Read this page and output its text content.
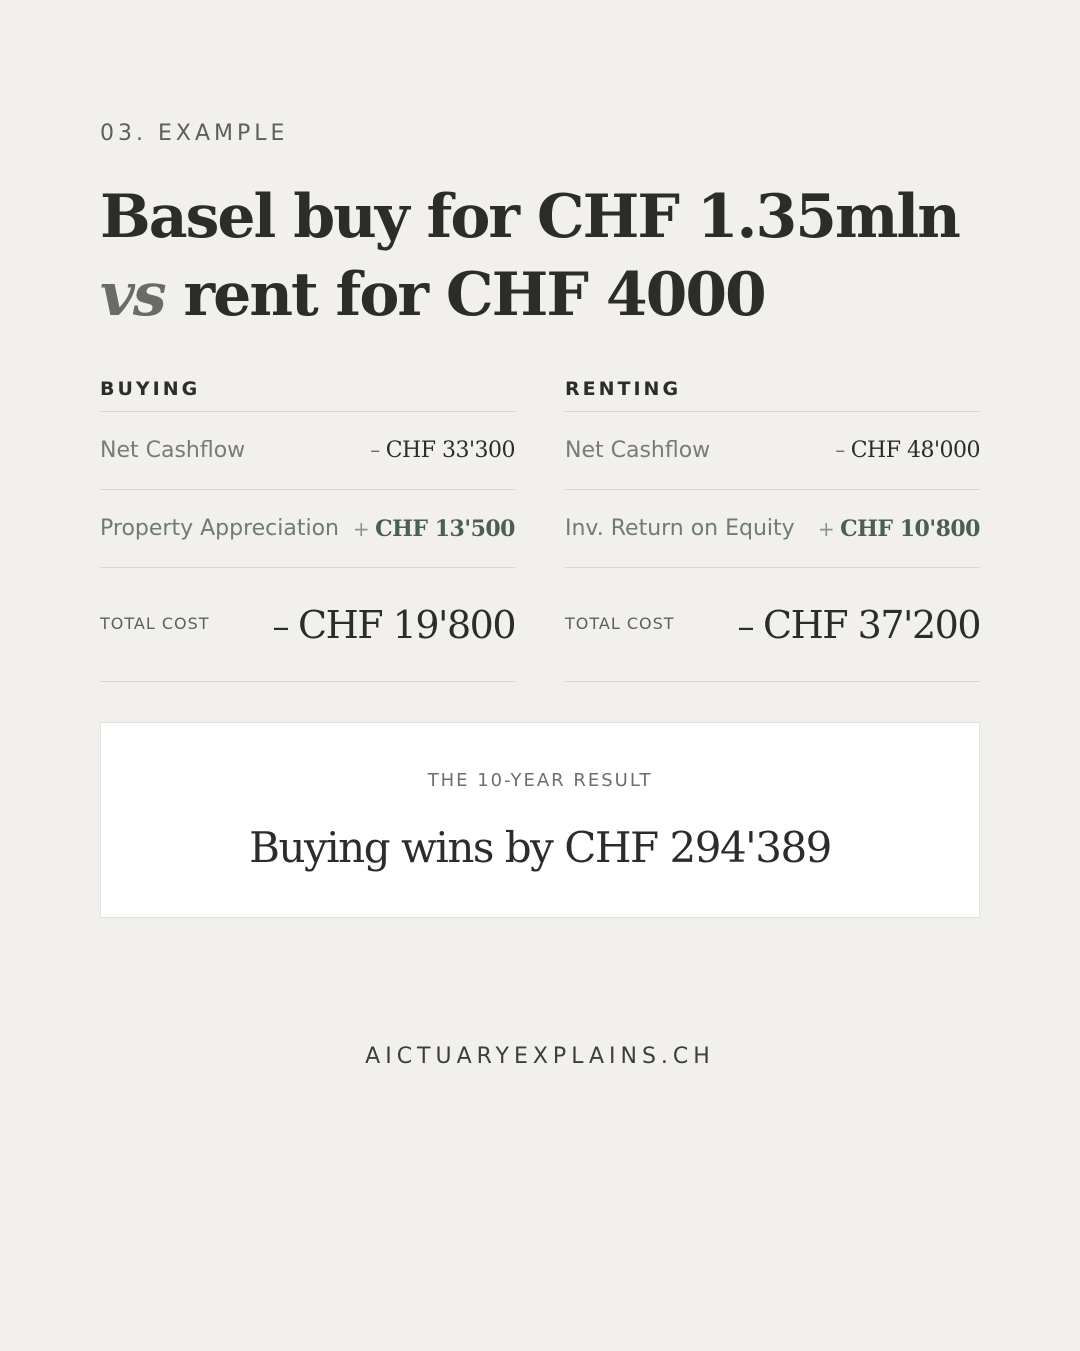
03. EXAMPLE
Basel buy for CHF 1.35mln
vs rent for CHF 4000
BUYING
Net Cashflow	– CHF 33'300
Property Appreciation + CHF 13'500
TOTAL COST – CHF 19'800
RENTING
Net Cashflow	– CHF 48'000
Inv. Return on Equity + CHF 10'800
TOTAL COST – CHF 37'200
THE 10-YEAR RESULT
Buying wins by CHF 294'389
AICTUARYEXPLAINS.CH
